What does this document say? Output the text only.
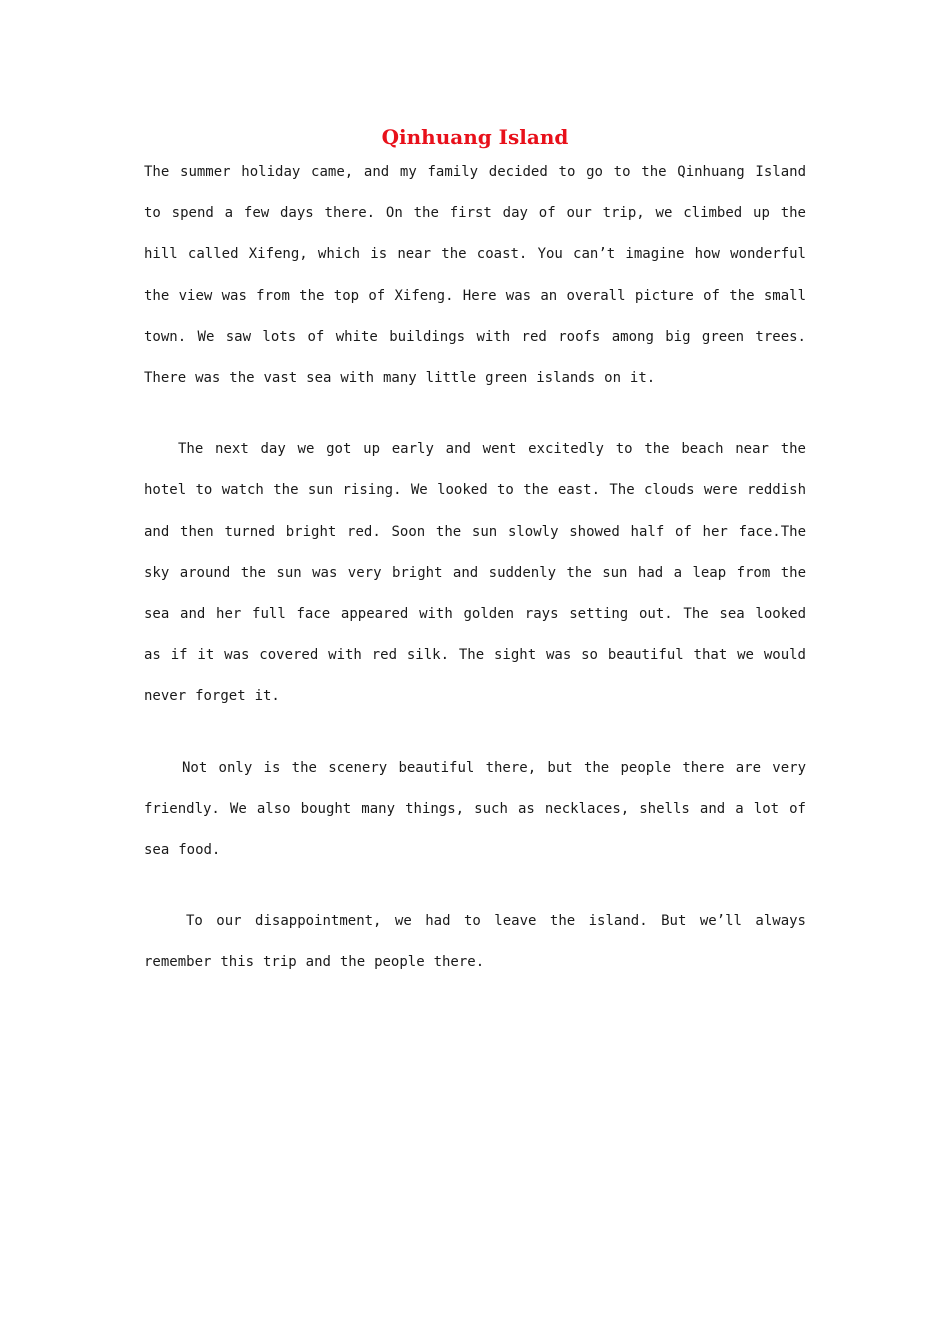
Qinhuang Island

The summer holiday came, and my family decided to go to the Qinhuang Island to spend a few days there. On the first day of our trip, we climbed up the hill called Xifeng, which is near the coast. You can’t imagine how wonderful the view was from the top of Xifeng. Here was an overall picture of the small town. We saw lots of white buildings with red roofs among big green trees. There was the vast sea with many little green islands on it.

The next day we got up early and went excitedly to the beach near the hotel to watch the sun rising. We looked to the east. The clouds were reddish and then turned bright red. Soon the sun slowly showed half of her face.The sky around the sun was very bright and suddenly the sun had a leap from the sea and her full face appeared with golden rays setting out. The sea looked as if it was covered with red silk. The sight was so beautiful that we would never forget it.

Not only is the scenery beautiful there, but the people there are very friendly. We also bought many things, such as necklaces, shells and a lot of sea food.

To our disappointment, we had to leave the island. But we’ll always remember this trip and the people there.
